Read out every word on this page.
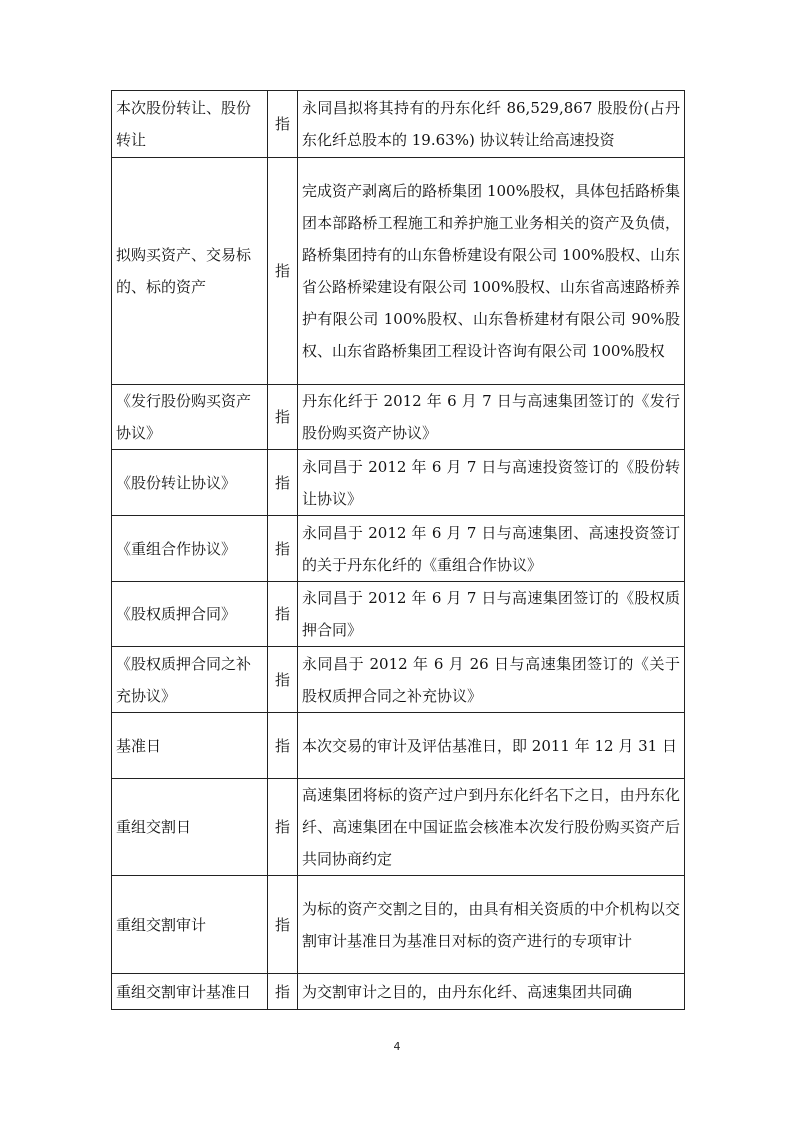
本次股份转让、股份转让	指	永同昌拟将其持有的丹东化纤 86,529,867 股股份(占丹东化纤总股本的 19.63%) 协议转让给高速投资
拟购买资产、交易标的、标的资产	指	完成资产剥离后的路桥集团 100%股权，具体包括路桥集团本部路桥工程施工和养护施工业务相关的资产及负债，路桥集团持有的山东鲁桥建设有限公司 100%股权、山东省公路桥梁建设有限公司 100%股权、山东省高速路桥养护有限公司 100%股权、山东鲁桥建材有限公司 90%股权、山东省路桥集团工程设计咨询有限公司 100%股权
《发行股份购买资产协议》	指	丹东化纤于 2012 年 6 月 7 日与高速集团签订的《发行股份购买资产协议》
《股份转让协议》	指	永同昌于 2012 年 6 月 7 日与高速投资签订的《股份转让协议》
《重组合作协议》	指	永同昌于 2012 年 6 月 7 日与高速集团、高速投资签订的关于丹东化纤的《重组合作协议》
《股权质押合同》	指	永同昌于 2012 年 6 月 7 日与高速集团签订的《股权质押合同》
《股权质押合同之补充协议》	指	永同昌于 2012 年 6 月 26 日与高速集团签订的《关于股权质押合同之补充协议》
基准日	指	本次交易的审计及评估基准日，即 2011 年 12 月 31 日
重组交割日	指	高速集团将标的资产过户到丹东化纤名下之日，由丹东化纤、高速集团在中国证监会核准本次发行股份购买资产后共同协商约定
重组交割审计	指	为标的资产交割之目的，由具有相关资质的中介机构以交割审计基准日为基准日对标的资产进行的专项审计
重组交割审计基准日	指	为交割审计之目的，由丹东化纤、高速集团共同确
4
